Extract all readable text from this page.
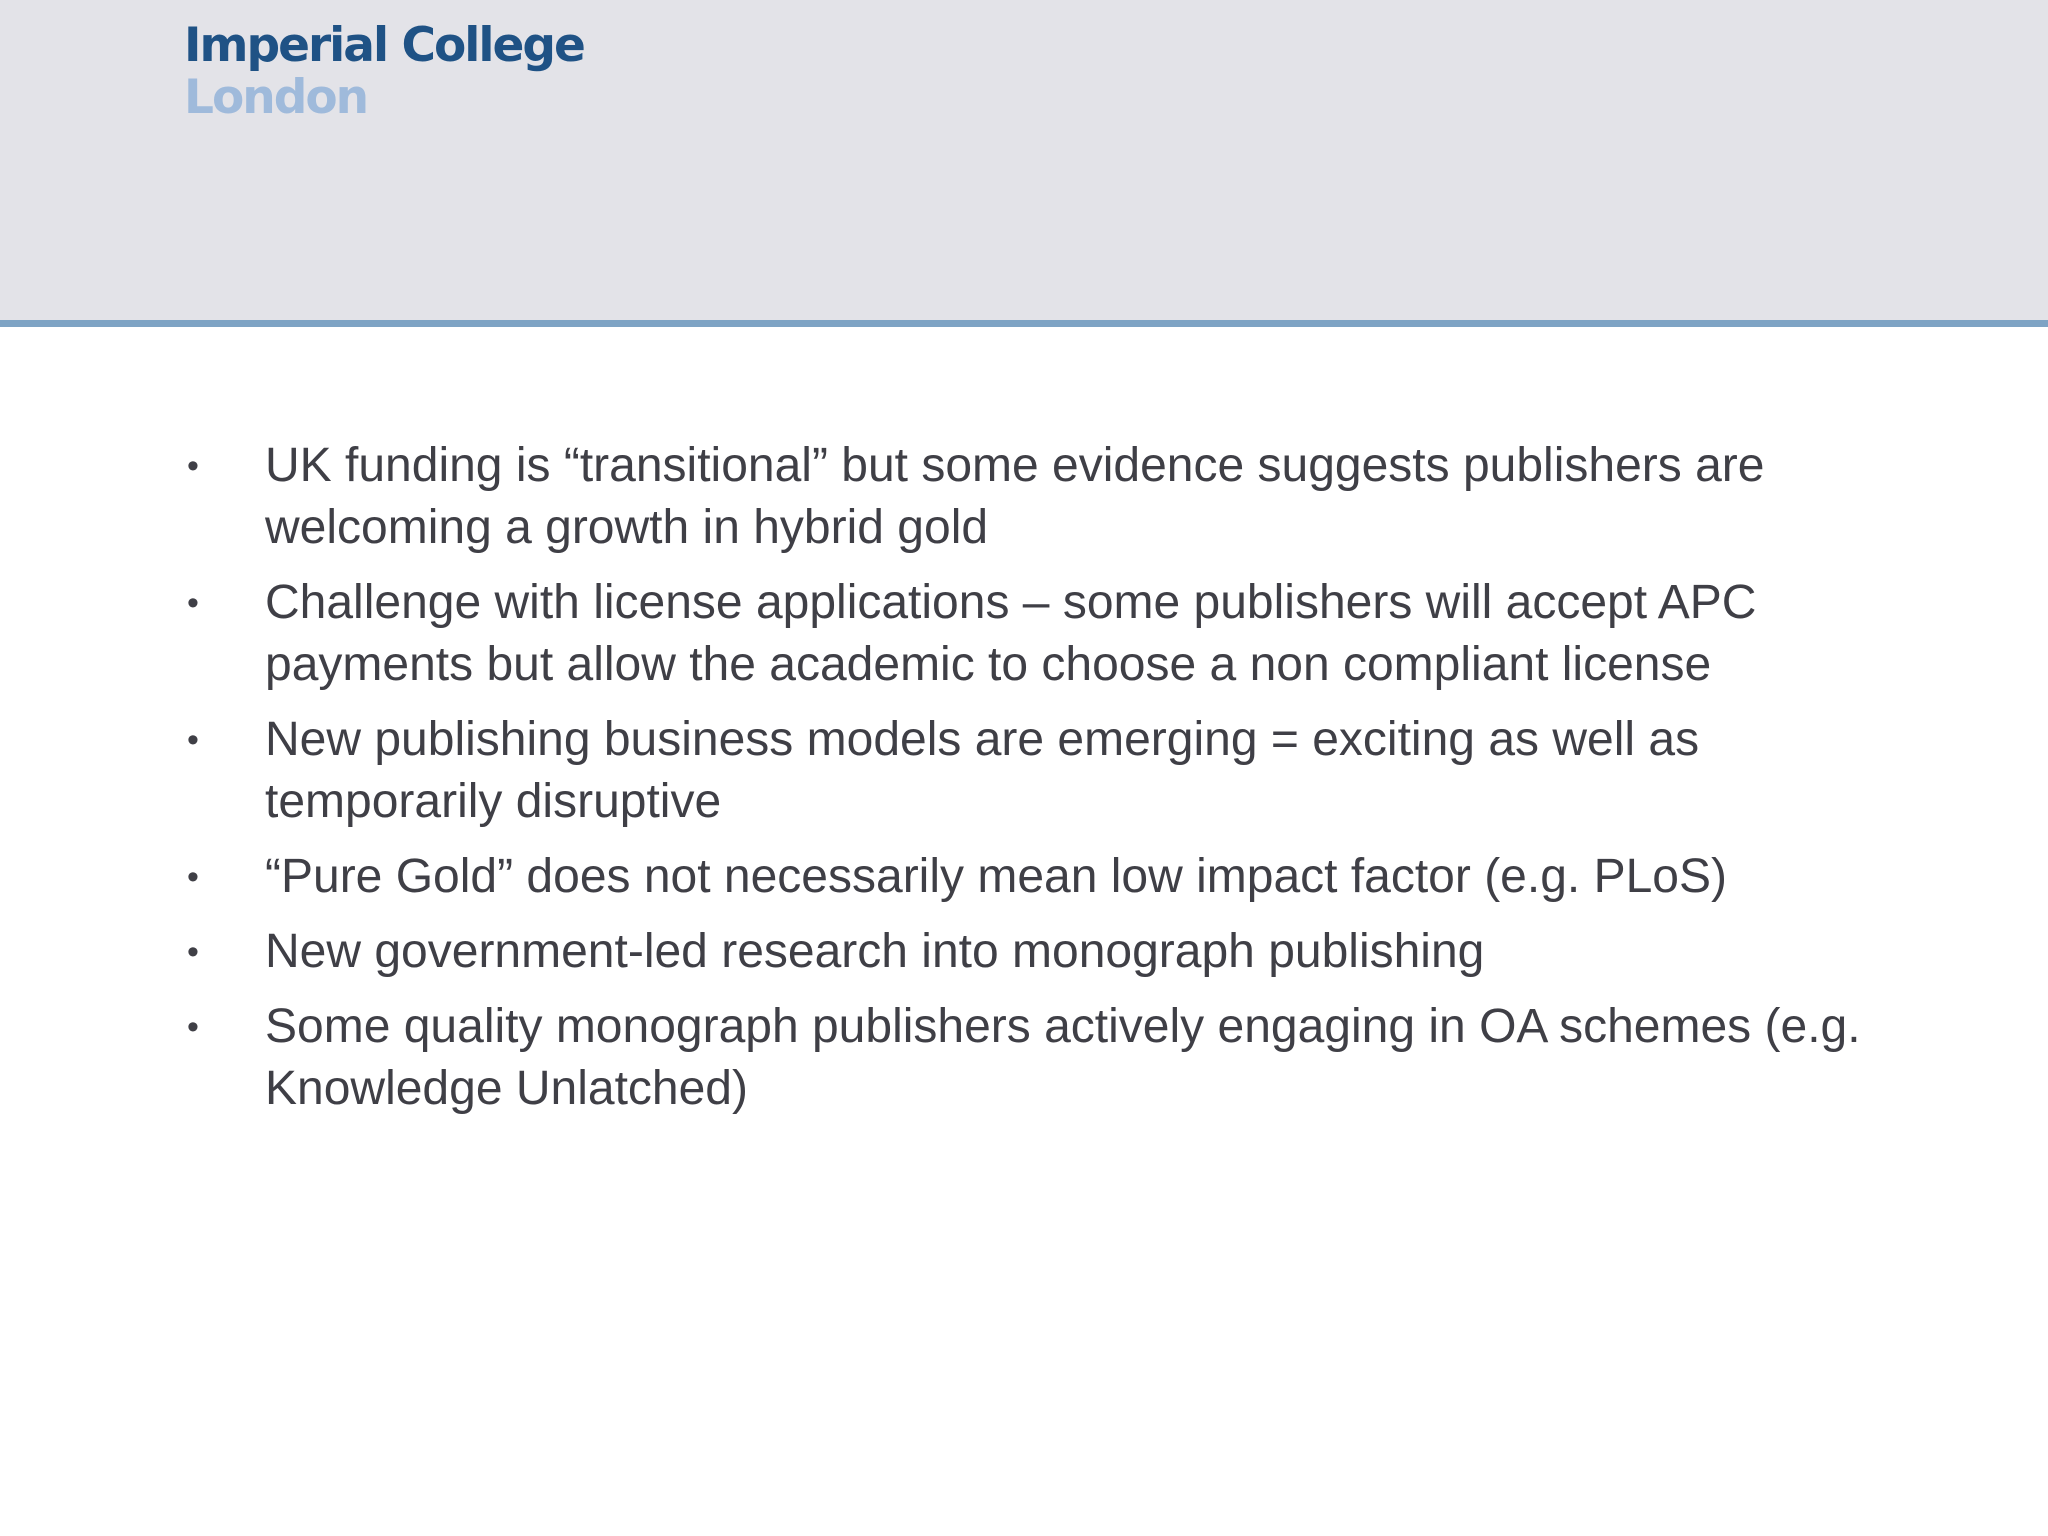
Imperial College
London
•	UK funding is “transitional” but some evidence suggests publishers are welcoming a growth in hybrid gold
•	Challenge with license applications – some publishers will accept APC payments but allow the academic to choose a non compliant license
•	New publishing business models are emerging = exciting as well as temporarily disruptive
•	“Pure Gold” does not necessarily mean low impact factor (e.g. PLoS)
•	New government-led research into monograph publishing
•	Some quality monograph publishers actively engaging in OA schemes (e.g. Knowledge Unlatched)
